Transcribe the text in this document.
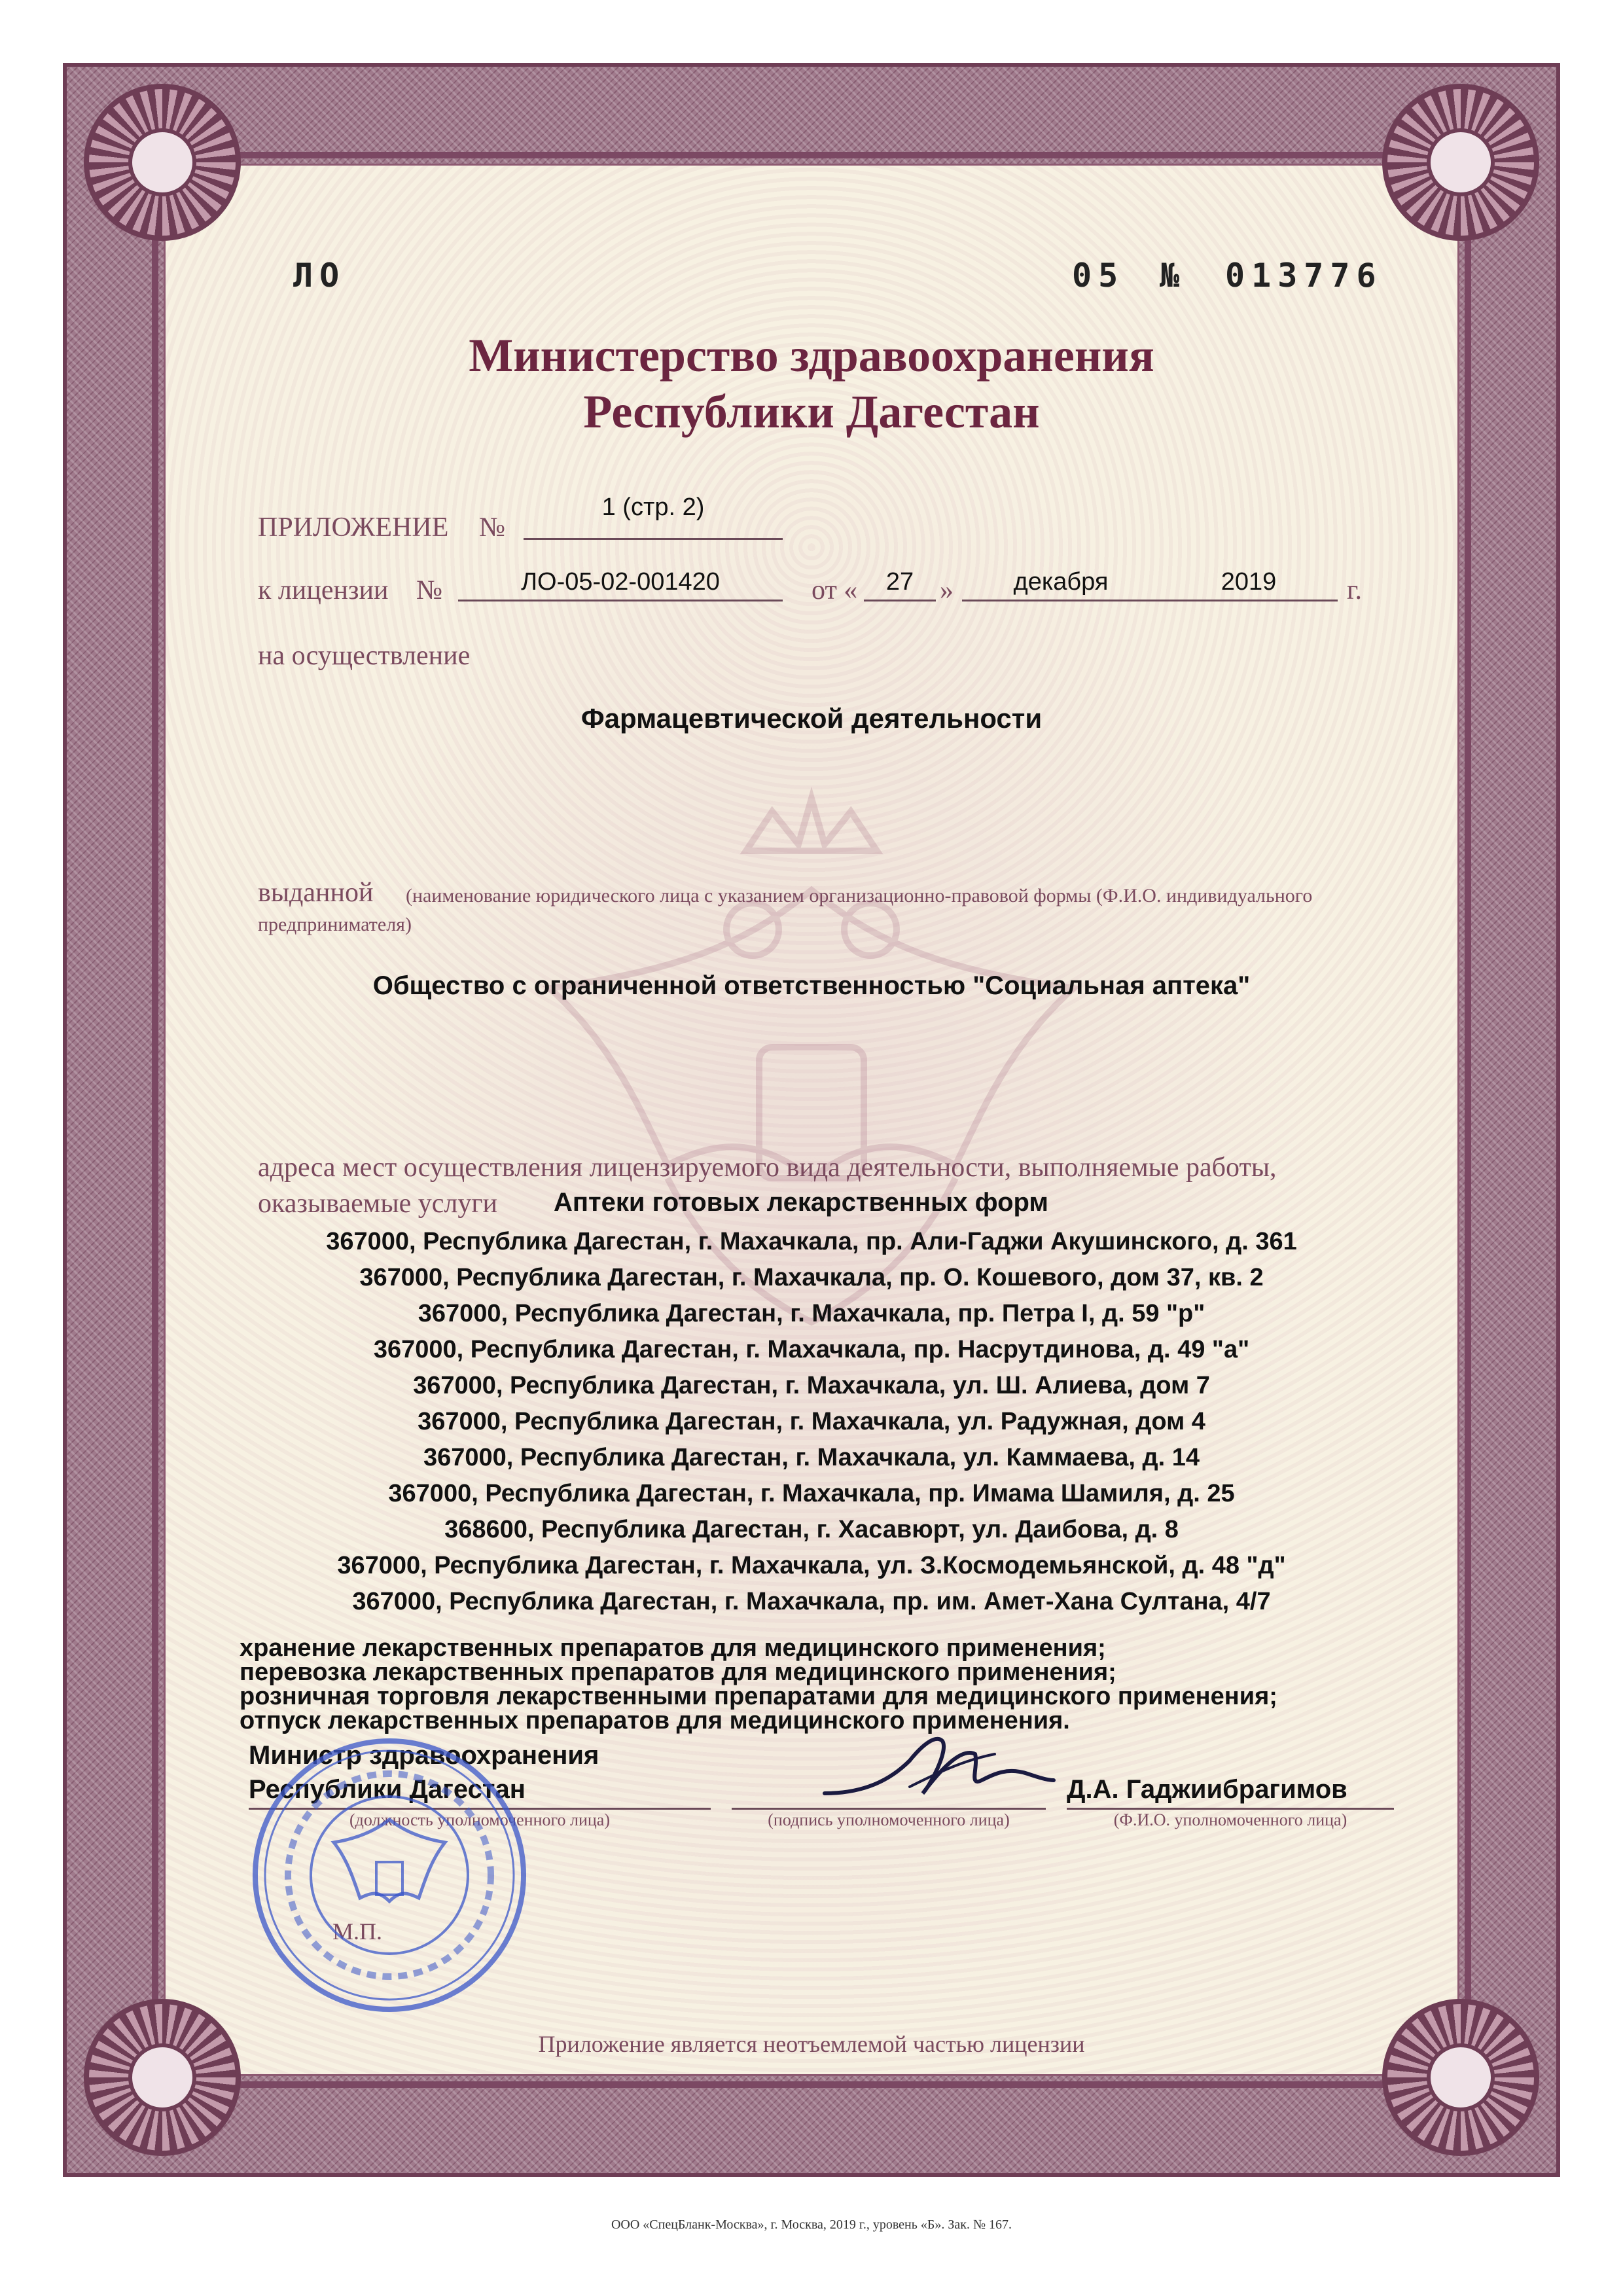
ЛО	05 № 013776
Министерство здравоохранения
Республики Дагестан
ПРИЛОЖЕНИЕ №
1 (стр. 2)
к лицензии №	ЛО-05-02-001420	от «	27 »	декабря	2019	г.
на осуществление
Фармацевтической деятельности
выданной (наименование юридического лица с указанием организационно-правовой формы (Ф.И.О. индивидуального
предпринимателя)
Общество с ограниченной ответственностью "Социальная аптека"
адреса мест осуществления лицензируемого вида деятельности, выполняемые работы,
оказываемые услуги Аптеки готовых лекарственных форм
367000, Республика Дагестан, г. Махачкала, пр. Али-Гаджи Акушинского, д. 361
367000, Республика Дагестан, г. Махачкала, пр. О. Кошевого, дом 37, кв. 2
367000, Республика Дагестан, г. Махачкала, пр. Петра I, д. 59 "р"
367000, Республика Дагестан, г. Махачкала, пр. Насрутдинова, д. 49 "а"
367000, Республика Дагестан, г. Махачкала, ул. Ш. Алиева, дом 7
367000, Республика Дагестан, г. Махачкала, ул. Радужная, дом 4
367000, Республика Дагестан, г. Махачкала, ул. Каммаева, д. 14
367000, Республика Дагестан, г. Махачкала, пр. Имама Шамиля, д. 25
368600, Республика Дагестан, г. Хасавюрт, ул. Даибова, д. 8
367000, Республика Дагестан, г. Махачкала, ул. З.Космодемьянской, д. 48 "д"
367000, Республика Дагестан, г. Махачкала, пр. им. Амет-Хана Султана, 4/7
хранение лекарственных препаратов для медицинского применения;
перевозка лекарственных препаратов для медицинского применения;
розничная торговля лекарственными препаратами для медицинского применения;
отпуск лекарственных препаратов для медицинского применения.
Министр здравоохранения
Республики Дагестан
(должность уполномоченного лица)	(подпись уполномоченного лица)
Д.А. Гаджиибрагимов
(Ф.И.О. уполномоченного лица)
М.П.
Приложение является неотъемлемой частью лицензии
ООО «СпецБланк-Москва», г. Москва, 2019 г., уровень «Б». Зак. № 167.
